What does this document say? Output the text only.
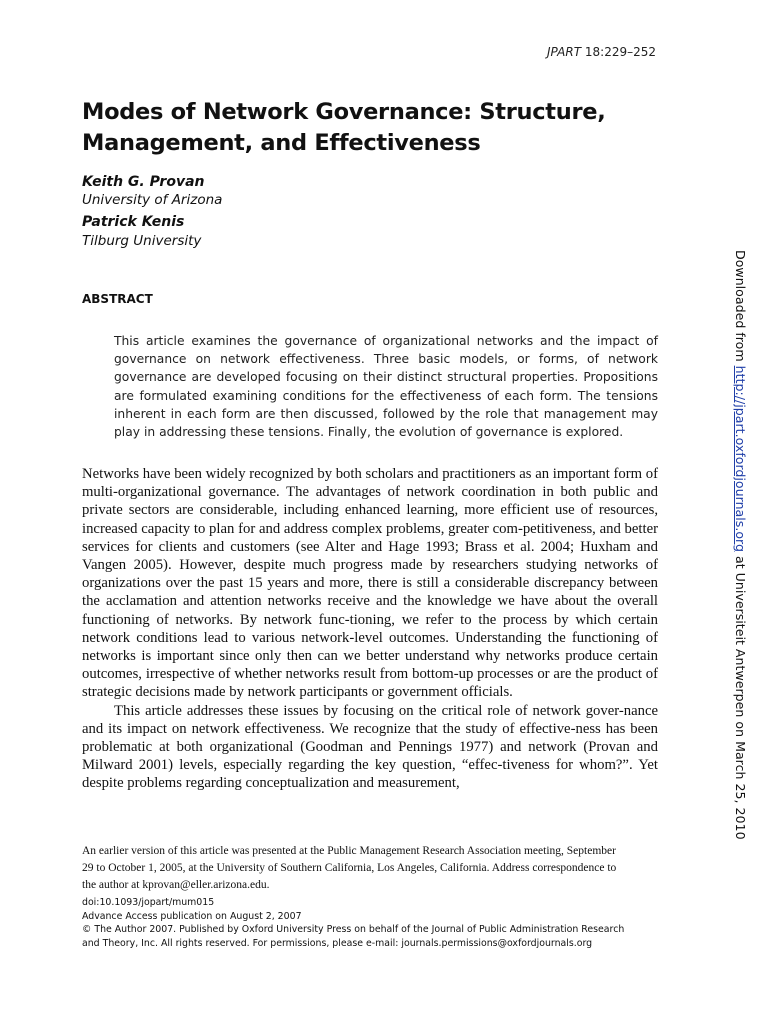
JPART 18:229–252
Modes of Network Governance: Structure, Management, and Effectiveness
Keith G. Provan
University of Arizona
Patrick Kenis
Tilburg University
ABSTRACT

This article examines the governance of organizational networks and the impact of governance on network effectiveness. Three basic models, or forms, of network governance are developed focusing on their distinct structural properties. Propositions are formulated examining conditions for the effectiveness of each form. The tensions inherent in each form are then discussed, followed by the role that management may play in addressing these tensions. Finally, the evolution of governance is explored.

Networks have been widely recognized by both scholars and practitioners as an important form of multi-organizational governance. The advantages of network coordination in both public and private sectors are considerable, including enhanced learning, more efficient use of resources, increased capacity to plan for and address complex problems, greater com-petitiveness, and better services for clients and customers (see Alter and Hage 1993; Brass et al. 2004; Huxham and Vangen 2005). However, despite much progress made by researchers studying networks of organizations over the past 15 years and more, there is still a considerable discrepancy between the acclamation and attention networks receive and the knowledge we have about the overall functioning of networks. By network func-tioning, we refer to the process by which certain network conditions lead to various network-level outcomes. Understanding the functioning of networks is important since only then can we better understand why networks produce certain outcomes, irrespective of whether networks result from bottom-up processes or are the product of strategic decisions made by network participants or government officials.

This article addresses these issues by focusing on the critical role of network gover-nance and its impact on network effectiveness. We recognize that the study of effective-ness has been problematic at both organizational (Goodman and Pennings 1977) and network (Provan and Milward 2001) levels, especially regarding the key question, “effec-tiveness for whom?”. Yet despite problems regarding conceptualization and measurement,

An earlier version of this article was presented at the Public Management Research Association meeting, September 29 to October 1, 2005, at the University of Southern California, Los Angeles, California. Address correspondence to the author at kprovan@eller.arizona.edu.

doi:10.1093/jopart/mum015
Advance Access publication on August 2, 2007
© The Author 2007. Published by Oxford University Press on behalf of the Journal of Public Administration Research
and Theory, Inc. All rights reserved. For permissions, please e-mail: journals.permissions@oxfordjournals.org
Downloaded from http://jpart.oxfordjournals.org at Universiteit Antwerpen on March 25, 2010
